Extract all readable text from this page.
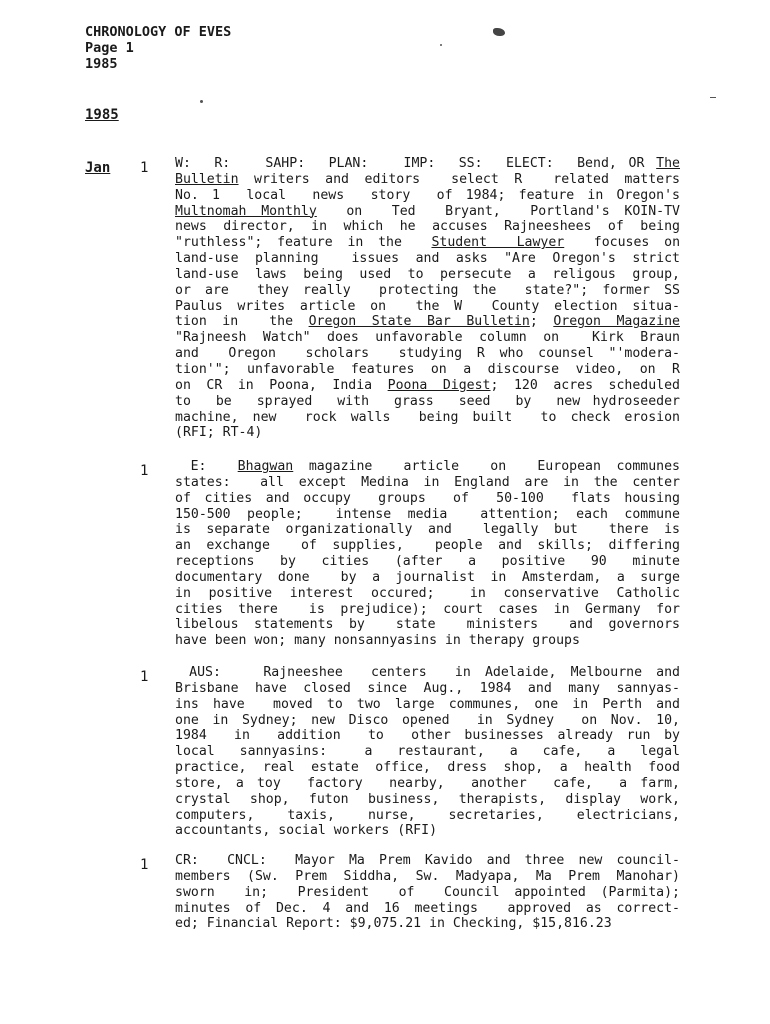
CHRONOLOGY OF EVES
Page 1
1985
1985
Jan 1 W:  R:   SAHP:  PLAN:   IMP:  SS:  ELECT:  Bend, OR The
Bulletin writers and editors  select R  related matters
No. 1  local  news  story  of 1984; feature in Oregon's
Multnomah Monthly  on  Ted  Bryant,  Portland's KOIN-TV
news director, in which he accuses Rajneeshees of being
"ruthless"; feature in the  Student  Lawyer  focuses on
land-use planning  issues and asks "Are Oregon's strict
land-use laws being used to persecute a religous group,
or are  they really  protecting the  state?"; former SS
Paulus writes article on  the W  County election situa-
tion in  the Oregon State Bar Bulletin; Oregon Magazine
"Rajneesh Watch" does unfavorable column on  Kirk Braun
and  Oregon  scholars  studying R who counsel "'modera-
tion'"; unfavorable features on a discourse video, on R
on CR in Poona, India Poona Digest; 120 acres scheduled
to  be  sprayed  with  grass  seed  by  new hydroseeder
machine, new  rock walls  being built  to check erosion
(RFI; RT-4)
1 E:  Bhagwan magazine  article  on  European communes
states:  all except Medina in England are in the center
of cities and occupy  groups  of  50-100  flats housing
150-500 people;  intense media  attention; each commune
is separate organizationally and  legally but  there is
an exchange  of supplies,  people and skills; differing
receptions  by  cities  (after  a  positive  90  minute
documentary done  by a journalist in Amsterdam, a surge
in positive interest occured;  in conservative Catholic
cities there  is prejudice); court cases in Germany for
libelous statements by  state  ministers  and governors
have been won; many nonsannyasins in therapy groups
1 AUS:   Rajneeshee  centers  in Adelaide, Melbourne and
Brisbane have closed since Aug., 1984 and many sannyas-
ins have  moved to two large communes, one in Perth and
one in Sydney; new Disco opened  in Sydney  on Nov. 10,
1984  in  addition  to  other businesses already run by
local  sannyasins:   a  restaurant,  a  cafe,  a  legal
practice, real estate office, dress shop, a health food
store, a toy  factory  nearby,  another  cafe,  a farm,
crystal shop, futon business, therapists, display work,
computers,  taxis,  nurse,  secretaries,  electricians,
accountants, social workers (RFI)
1 CR:  CNCL:  Mayor Ma Prem Kavido and three new council-
members (Sw. Prem Siddha, Sw. Madyapa, Ma Prem Manohar)
sworn  in;  President  of  Council appointed (Parmita);
minutes of Dec. 4 and 16 meetings  approved as correct-
ed; Financial Report: $9,075.21 in Checking, $15,816.23
